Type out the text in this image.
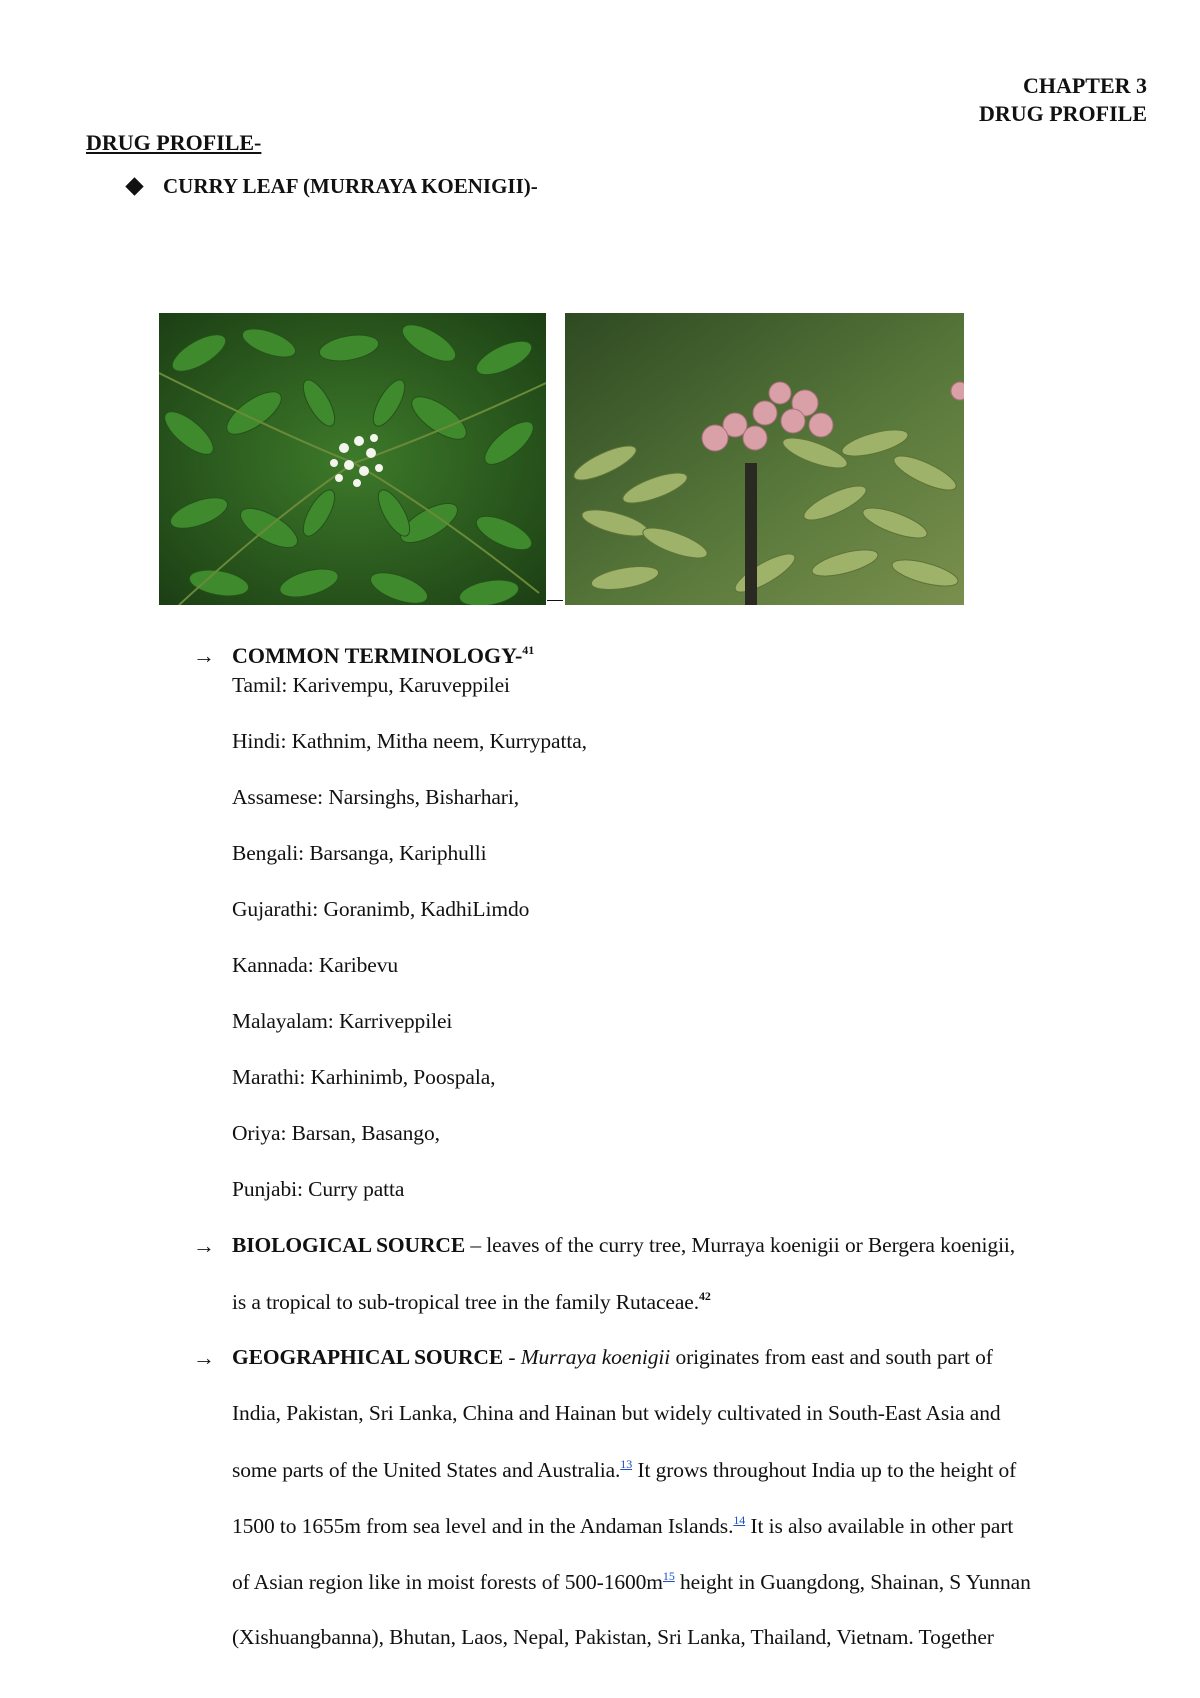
CHAPTER 3
DRUG PROFILE
DRUG PROFILE-
CURRY LEAF (MURRAYA KOENIGII)-
→ COMMON TERMINOLOGY-$^{41}$
Tamil: Karivempu, Karuveppilei
Hindi: Kathnim, Mitha neem, Kurrypatta,
Assamese: Narsinghs, Bisharhari,
Bengali: Barsanga, Kariphulli
Gujarathi: Goranimb, KadhiLimdo
Kannada: Karibevu
Malayalam: Karriveppilei
Marathi: Karhinimb, Poospala,
Oriya: Barsan, Basango,
Punjabi: Curry patta
→ BIOLOGICAL SOURCE – leaves of the curry tree, Murraya koenigii or Bergera koenigii,
is a tropical to sub-tropical tree in the family Rutaceae.$^{42}$
→ GEOGRAPHICAL SOURCE - Murraya koenigii originates from east and south part of
India, Pakistan, Sri Lanka, China and Hainan but widely cultivated in South-East Asia and
some parts of the United States and Australia.$^{13}$ It grows throughout India up to the height of
1500 to 1655m from sea level and in the Andaman Islands.$^{14}$ It is also available in other part
of Asian region like in moist forests of $500-1600m^{15}$ height in Guangdong, Shainan, S Yunnan
(Xishuangbanna), Bhutan, Laos, Nepal, Pakistan, Sri Lanka, Thailand, Vietnam. Together
